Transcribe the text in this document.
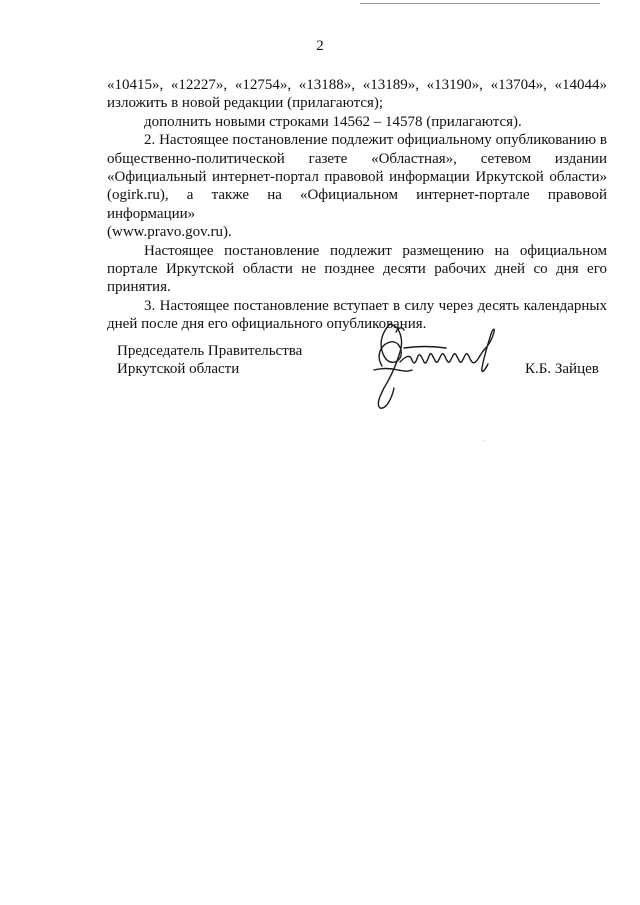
2

«10415», «12227», «12754», «13188», «13189», «13190», «13704», «14044»

изложить в новой редакции (прилагаются);

дополнить новыми строками 14562 – 14578 (прилагаются).

2. Настоящее постановление подлежит официальному опубликованию в

общественно-политической газете «Областная», сетевом издании

«Официальный интернет-портал правовой информации Иркутской области»

(ogirk.ru), а также на «Официальном интернет-портале правовой информации»

(www.pravo.gov.ru).

Настоящее постановление подлежит размещению на официальном

портале Иркутской области не позднее десяти рабочих дней со дня его

принятия.

3. Настоящее постановление вступает в силу через десять календарных

дней после дня его официального опубликования.

Председатель Правительства
Иркутской области	К.Б. Зайцев
